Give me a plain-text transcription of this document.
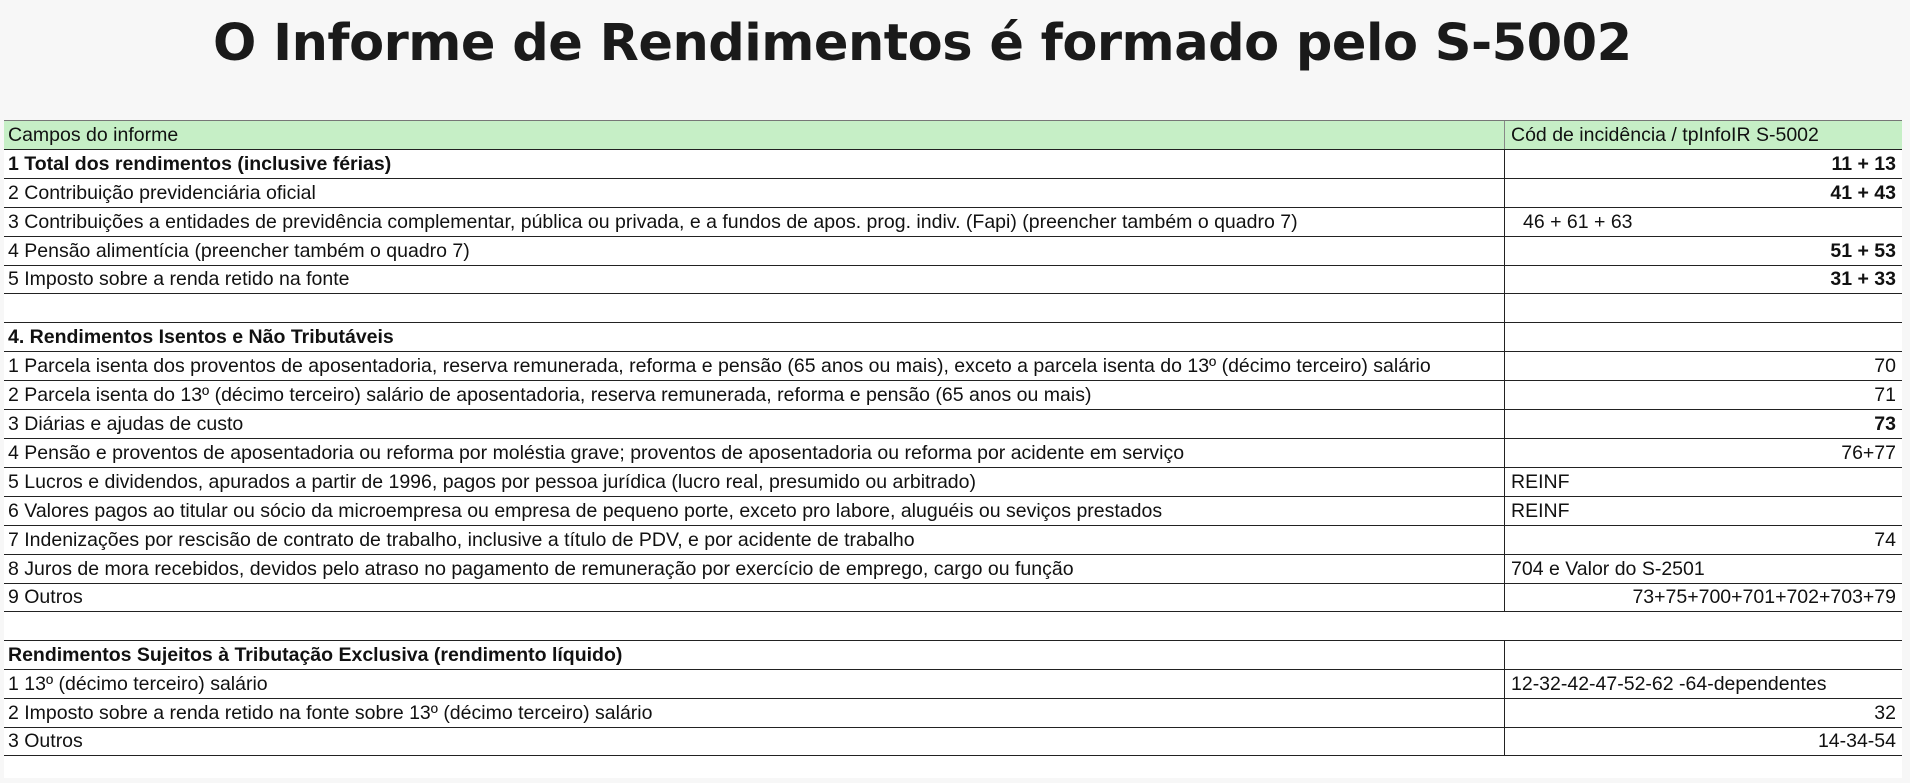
O Informe de Rendimentos é formado pelo S-5002
Campos do informe	Cód de incidência / tpInfoIR S-5002
1 Total dos rendimentos (inclusive férias)	11 + 13
2 Contribuição previdenciária oficial	41 + 43
3 Contribuições a entidades de previdência complementar, pública ou privada, e a fundos de apos. prog. indiv. (Fapi) (preencher também o quadro 7)	46 + 61 + 63
4 Pensão alimentícia (preencher também o quadro 7)	51 + 53
5 Imposto sobre a renda retido na fonte	31 + 33
4. Rendimentos Isentos e Não Tributáveis
1 Parcela isenta dos proventos de aposentadoria, reserva remunerada, reforma e pensão (65 anos ou mais), exceto a parcela isenta do 13º (décimo terceiro) salário	70
2 Parcela isenta do 13º (décimo terceiro) salário de aposentadoria, reserva remunerada, reforma e pensão (65 anos ou mais)	71
3 Diárias e ajudas de custo	73
4 Pensão e proventos de aposentadoria ou reforma por moléstia grave; proventos de aposentadoria ou reforma por acidente em serviço	76+77
5 Lucros e dividendos, apurados a partir de 1996, pagos por pessoa jurídica (lucro real, presumido ou arbitrado)	REINF
6 Valores pagos ao titular ou sócio da microempresa ou empresa de pequeno porte, exceto pro labore, aluguéis ou seviços prestados	REINF
7 Indenizações por rescisão de contrato de trabalho, inclusive a título de PDV, e por acidente de trabalho	74
8 Juros de mora recebidos, devidos pelo atraso no pagamento de remuneração por exercício de emprego, cargo ou função	704 e Valor do S-2501
9 Outros	73+75+700+701+702+703+79
Rendimentos Sujeitos à Tributação Exclusiva (rendimento líquido)
1 13º (décimo terceiro) salário	12-32-42-47-52-62 -64-dependentes
2 Imposto sobre a renda retido na fonte sobre 13º (décimo terceiro) salário	32
3 Outros	14-34-54
